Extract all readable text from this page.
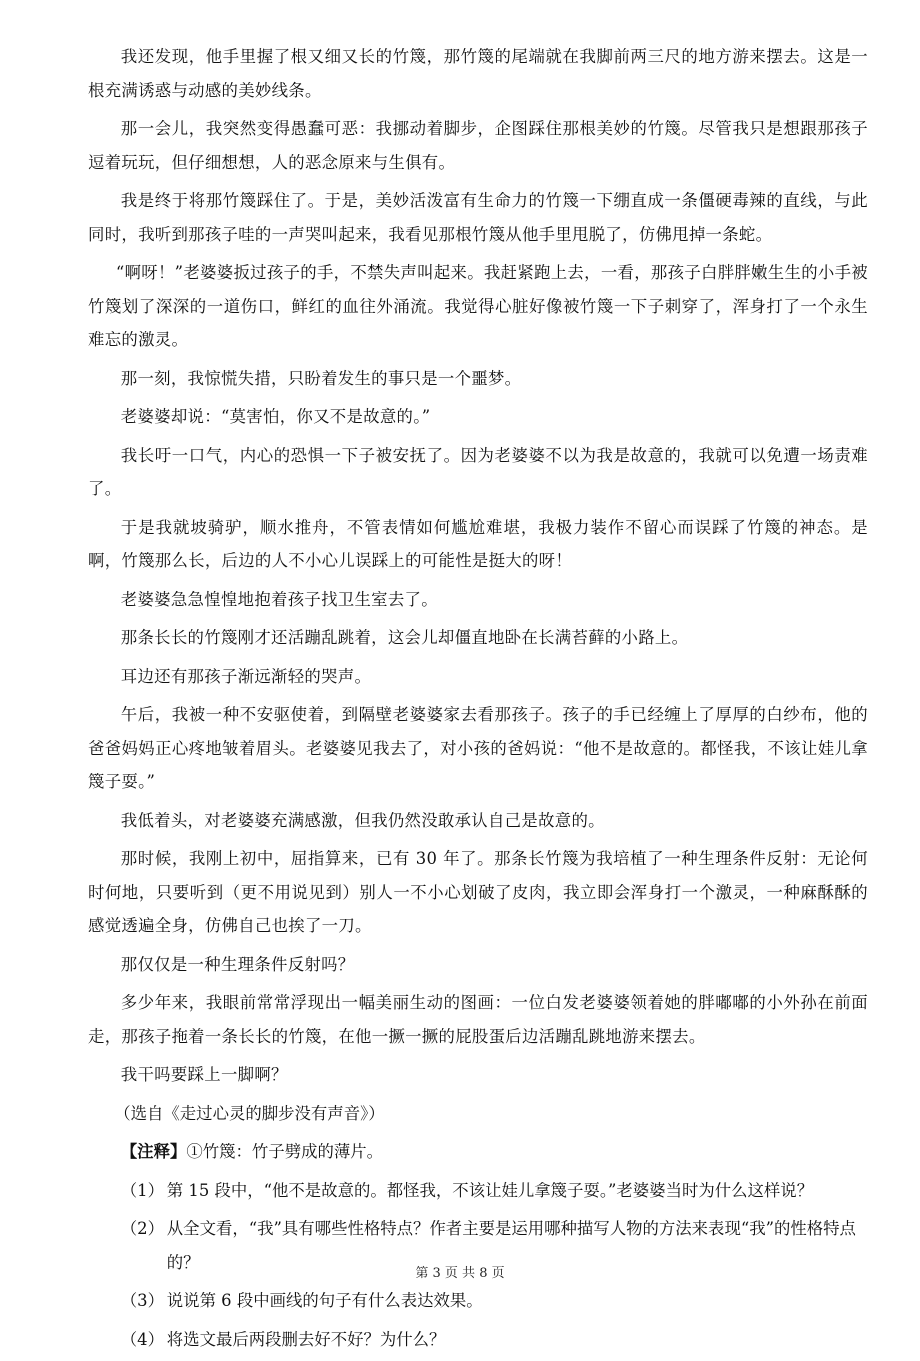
我还发现，他手里握了根又细又长的竹篾，那竹篾的尾端就在我脚前两三尺的地方游来摆去。这是一根充满诱惑与动感的美妙线条。

那一会儿，我突然变得愚蠢可恶：我挪动着脚步，企图踩住那根美妙的竹篾。尽管我只是想跟那孩子逗着玩玩，但仔细想想，人的恶念原来与生俱有。

我是终于将那竹篾踩住了。于是，美妙活泼富有生命力的竹篾一下绷直成一条僵硬毒辣的直线，与此同时，我听到那孩子哇的一声哭叫起来，我看见那根竹篾从他手里甩脱了，仿佛甩掉一条蛇。

“啊呀！”老婆婆扳过孩子的手，不禁失声叫起来。我赶紧跑上去，一看，那孩子白胖胖嫩生生的小手被竹篾划了深深的一道伤口，鲜红的血往外涌流。我觉得心脏好像被竹篾一下子刺穿了，浑身打了一个永生难忘的激灵。

那一刻，我惊慌失措，只盼着发生的事只是一个噩梦。

老婆婆却说：“莫害怕，你又不是故意的。”

我长吁一口气，内心的恐惧一下子被安抚了。因为老婆婆不以为我是故意的，我就可以免遭一场责难了。

于是我就坡骑驴，顺水推舟，不管表情如何尴尬难堪，我极力装作不留心而误踩了竹篾的神态。是啊，竹篾那么长，后边的人不小心儿误踩上的可能性是挺大的呀！

老婆婆急急惶惶地抱着孩子找卫生室去了。

那条长长的竹篾刚才还活蹦乱跳着，这会儿却僵直地卧在长满苔藓的小路上。

耳边还有那孩子渐远渐轻的哭声。

午后，我被一种不安驱使着，到隔壁老婆婆家去看那孩子。孩子的手已经缠上了厚厚的白纱布，他的爸爸妈妈正心疼地皱着眉头。老婆婆见我去了，对小孩的爸妈说：“他不是故意的。都怪我，不该让娃儿拿篾子耍。”

我低着头，对老婆婆充满感激，但我仍然没敢承认自己是故意的。

那时候，我刚上初中，屈指算来，已有 30 年了。那条长竹篾为我培植了一种生理条件反射：无论何时何地，只要听到（更不用说见到）别人一不小心划破了皮肉，我立即会浑身打一个激灵，一种麻酥酥的感觉透遍全身，仿佛自己也挨了一刀。

那仅仅是一种生理条件反射吗？

多少年来，我眼前常常浮现出一幅美丽生动的图画：一位白发老婆婆领着她的胖嘟嘟的小外孙在前面走，那孩子拖着一条长长的竹篾，在他一撅一撅的屁股蛋后边活蹦乱跳地游来摆去。

我干吗要踩上一脚啊？

（选自《走过心灵的脚步没有声音》）

【注释】①竹篾：竹子劈成的薄片。

（1） 第 15 段中，“他不是故意的。都怪我，不该让娃儿拿篾子耍。”老婆婆当时为什么这样说？
（2） 从全文看，“我”具有哪些性格特点？作者主要是运用哪种描写人物的方法来表现“我”的性格特点的？
（3） 说说第 6 段中画线的句子有什么表达效果。
（4） 将选文最后两段删去好不好？为什么？
第 3 页 共 8 页
